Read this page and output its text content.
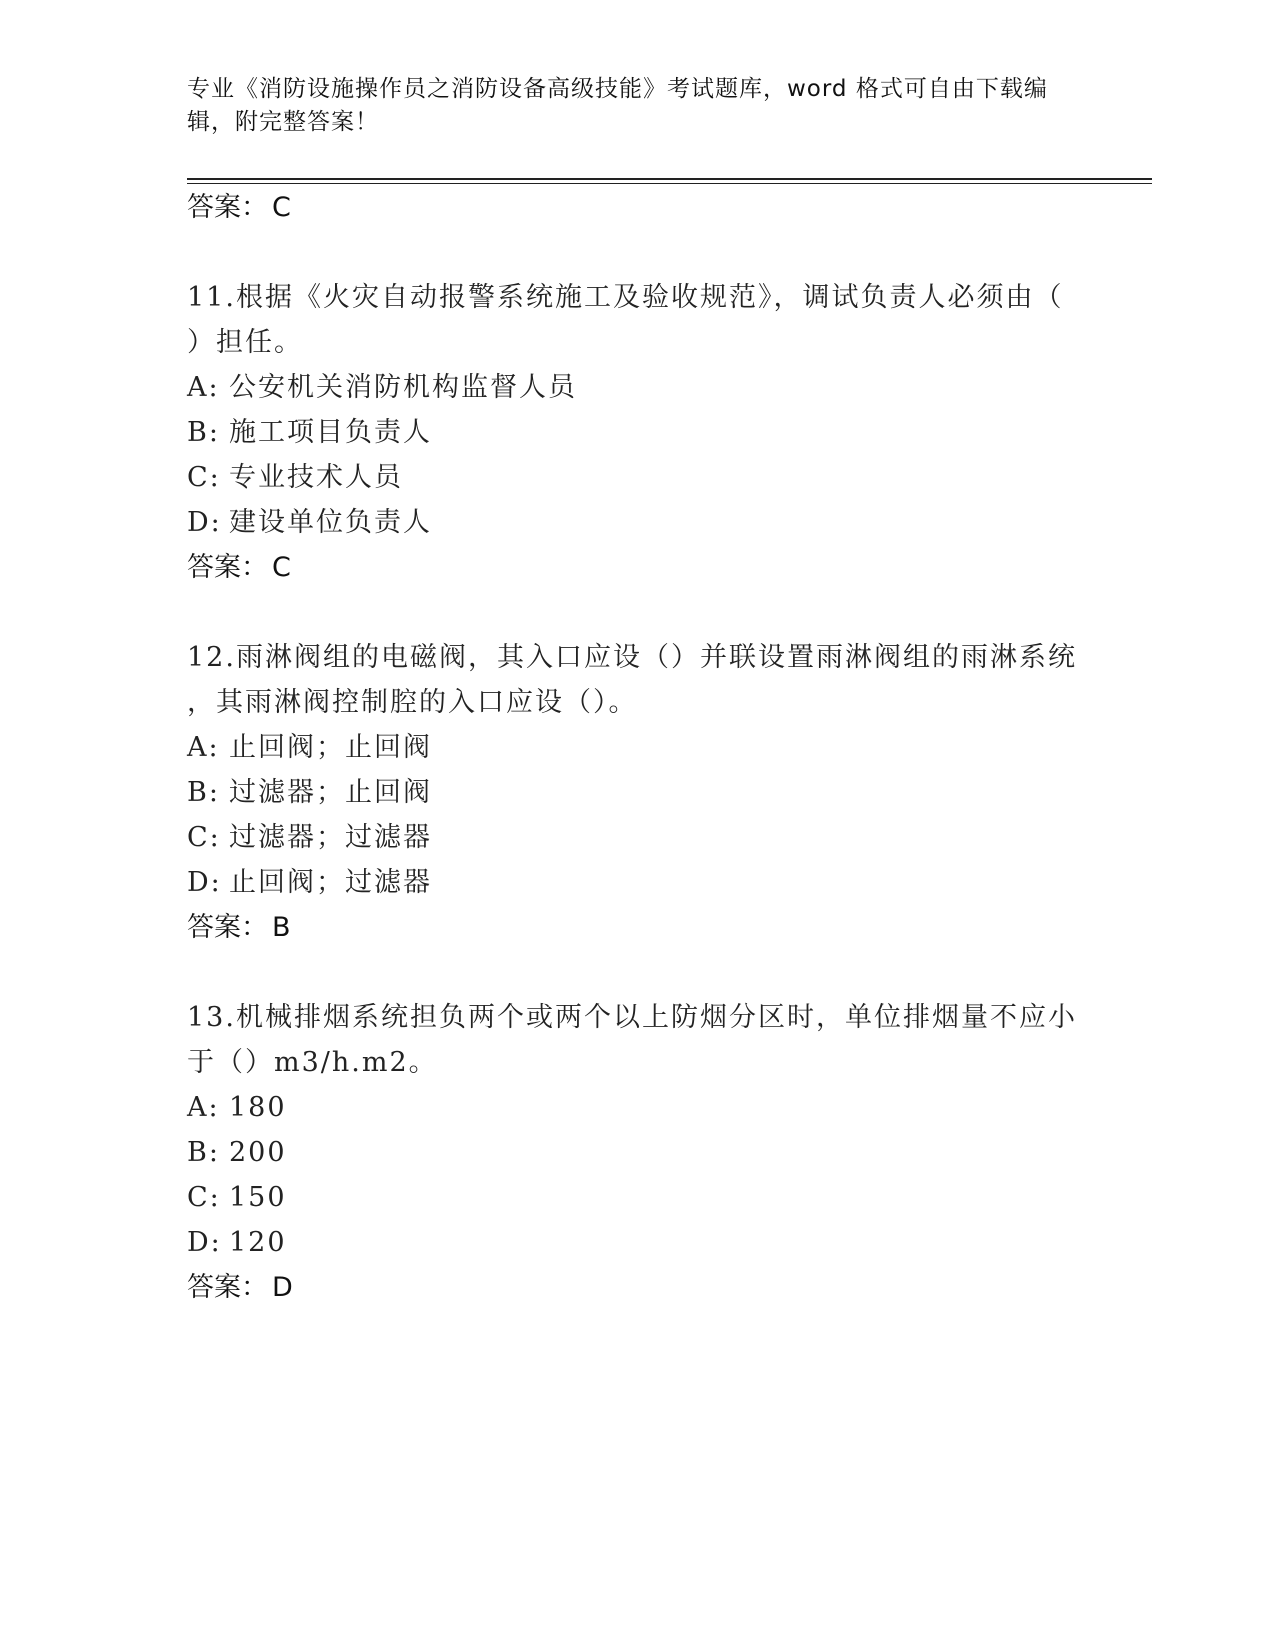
专业《消防设施操作员之消防设备高级技能》考试题库，word 格式可自由下载编
辑，附完整答案！
答案： C
11.根据《火灾自动报警系统施工及验收规范》，调试负责人必须由（
）担任。
A: 公安机关消防机构监督人员
B: 施工项目负责人
C: 专业技术人员
D: 建设单位负责人
答案： C
12.雨淋阀组的电磁阀，其入口应设（）并联设置雨淋阀组的雨淋系统
，其雨淋阀控制腔的入口应设（）。
A: 止回阀；止回阀
B: 过滤器；止回阀
C: 过滤器；过滤器
D: 止回阀；过滤器
答案： B
13.机械排烟系统担负两个或两个以上防烟分区时，单位排烟量不应小
于（）m3/h.m2。
A: 180
B: 200
C: 150
D: 120
答案： D
